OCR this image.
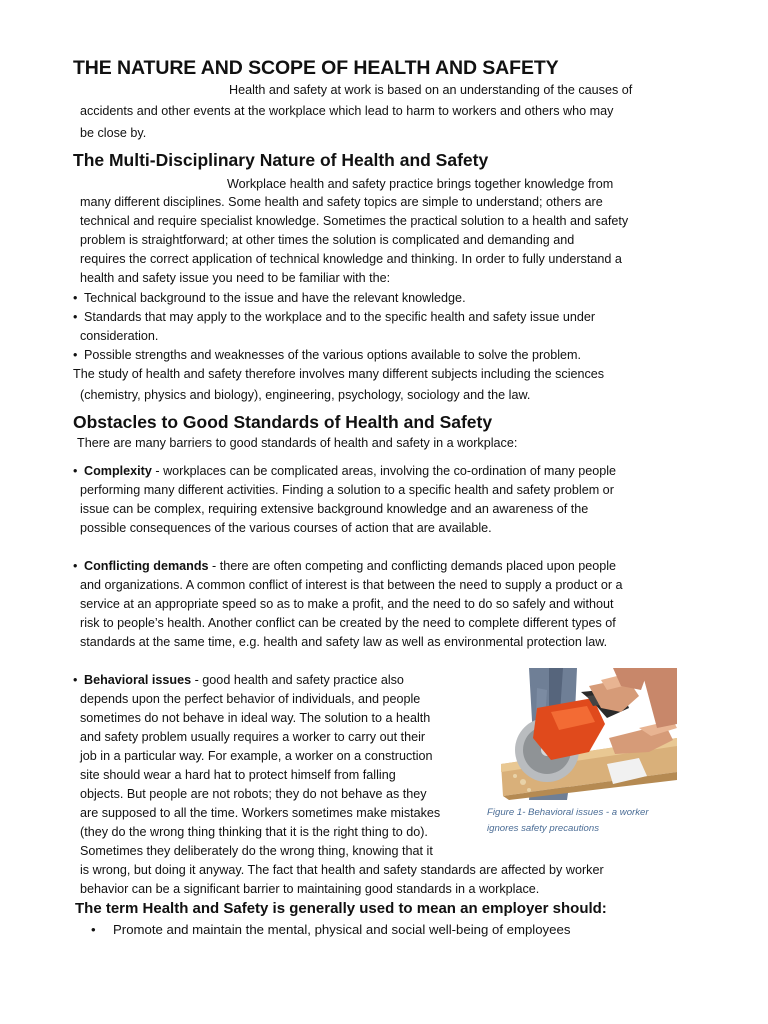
THE NATURE AND SCOPE OF HEALTH AND SAFETY
Health and safety at work is based on an understanding of the causes of
accidents and other events at the workplace which lead to harm to workers and others who may
be close by.
The Multi-Disciplinary Nature of Health and Safety
Workplace health and safety practice brings together knowledge from
many different disciplines. Some health and safety topics are simple to understand; others are
technical and require specialist knowledge. Sometimes the practical solution to a health and safety
problem is straightforward; at other times the solution is complicated and demanding and
requires the correct application of technical knowledge and thinking. In order to fully understand a
health and safety issue you need to be familiar with the:
• Technical background to the issue and have the relevant knowledge.
• Standards that may apply to the workplace and to the specific health and safety issue under
consideration.
• Possible strengths and weaknesses of the various options available to solve the problem.
The study of health and safety therefore involves many different subjects including the sciences
(chemistry, physics and biology), engineering, psychology, sociology and the law.
Obstacles to Good Standards of Health and Safety
There are many barriers to good standards of health and safety in a workplace:
• Complexity - workplaces can be complicated areas, involving the co-ordination of many people
performing many different activities. Finding a solution to a specific health and safety problem or
issue can be complex, requiring extensive background knowledge and an awareness of the
possible consequences of the various courses of action that are available.
• Conflicting demands - there are often competing and conflicting demands placed upon people
and organizations. A common conflict of interest is that between the need to supply a product or a
service at an appropriate speed so as to make a profit, and the need to do so safely and without
risk to people’s health. Another conflict can be created by the need to complete different types of
standards at the same time, e.g. health and safety law as well as environmental protection law.
• Behavioral issues - good health and safety practice also
depends upon the perfect behavior of individuals, and people
sometimes do not behave in ideal way. The solution to a health
and safety problem usually requires a worker to carry out their
job in a particular way. For example, a worker on a construction
site should wear a hard hat to protect himself from falling
objects. But people are not robots; they do not behave as they
are supposed to all the time. Workers sometimes make mistakes
(they do the wrong thing thinking that it is the right thing to do).
Sometimes they deliberately do the wrong thing, knowing that it
is wrong, but doing it anyway. The fact that health and safety standards are affected by worker
behavior can be a significant barrier to maintaining good standards in a workplace.
Figure 1- Behavioral issues - a worker
ignores safety precautions
The term Health and Safety is generally used to mean an employer should:
• Promote and maintain the mental, physical and social well-being of employees
